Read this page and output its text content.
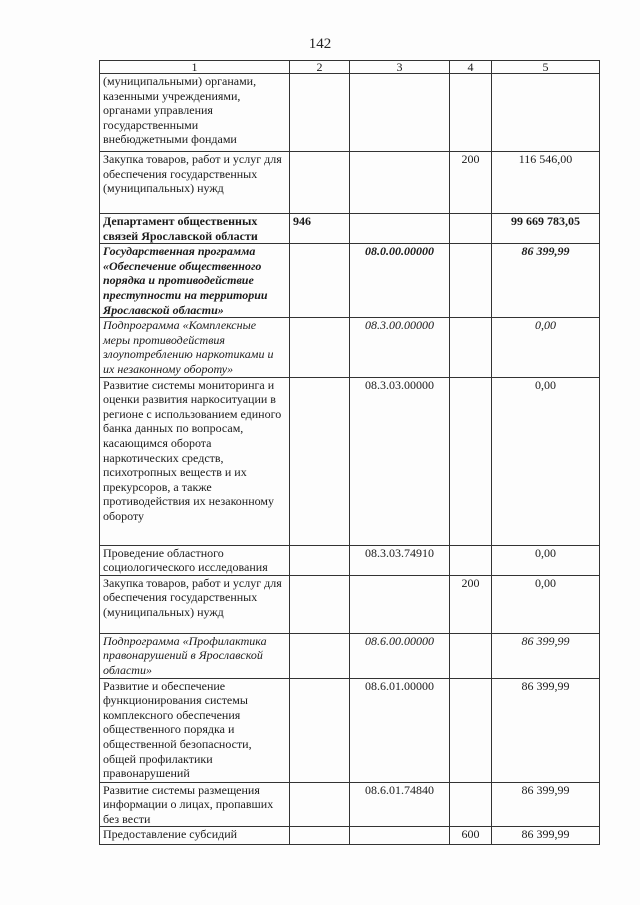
142
1	2	3	4	5
(муниципальными) органами, казенными учреждениями, органами управления государственными внебюджетными фондами				
Закупка товаров, работ и услуг для обеспечения государственных (муниципальных) нужд			200	116 546,00
Департамент общественных связей Ярославской области	946			99 669 783,05
Государственная программа «Обеспечение общественного порядка и противодействие преступности на территории Ярославской области»		08.0.00.00000		86 399,99
Подпрограмма «Комплексные меры противодействия злоупотреблению наркотиками и их незаконному обороту»		08.3.00.00000		0,00
Развитие системы мониторинга и оценки развития наркоситуации в регионе с использованием единого банка данных по вопросам, касающимся оборота наркотических средств, психотропных веществ и их прекурсоров, а также противодействия их незаконному обороту		08.3.03.00000		0,00
Проведение областного социологического исследования		08.3.03.74910		0,00
Закупка товаров, работ и услуг для обеспечения государственных (муниципальных) нужд			200	0,00
Подпрограмма «Профилактика правонарушений в Ярославской области»		08.6.00.00000		86 399,99
Развитие и обеспечение функционирования системы комплексного обеспечения общественного порядка и общественной безопасности, общей профилактики правонарушений		08.6.01.00000		86 399,99
Развитие системы размещения информации о лицах, пропавших без вести		08.6.01.74840		86 399,99
Предоставление субсидий			600	86 399,99
